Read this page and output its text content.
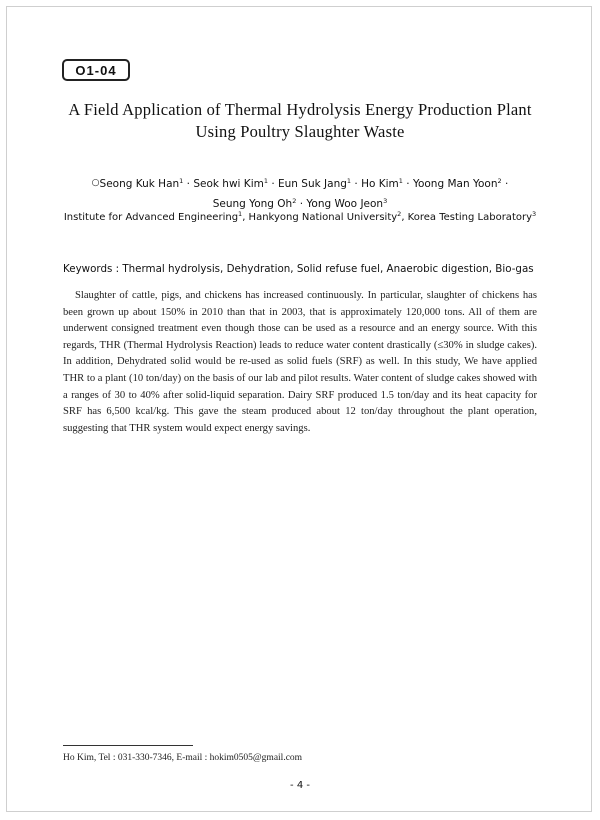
O1-04
A Field Application of Thermal Hydrolysis Energy Production Plant
Using Poultry Slaughter Waste
○Seong Kuk Han$^1$ · Seok hwi Kim$^1$ · Eun Suk Jang$^1$ · Ho Kim$^1$ · Yoong Man Yoon$^2$ ·
Seung Yong $Oh^2$ · Yong Woo Jeon$^3$
Institute for Advanced Engineering$^1$, Hankyong National University$^2$, Korea Testing Laboratory$^3$
Keywords : Thermal hydrolysis, Dehydration, Solid refuse fuel, Anaerobic digestion, Bio-gas
Slaughter of cattle, pigs, and chickens has increased continuously. In particular, slaughter of chickens has been grown up about 150% in 2010 than that in 2003, that is approximately 120,000 tons. All of them are underwent consigned treatment even though those can be used as a resource and an energy source. With this regards, THR (Thermal Hydrolysis Reaction) leads to reduce water content drastically (≤30% in sludge cakes). In addition, Dehydrated solid would be re-used as solid fuels (SRF) as well. In this study, We have applied THR to a plant (10 ton/day) on the basis of our lab and pilot results. Water content of sludge cakes showed with a ranges of 30 to 40% after solid-liquid separation. Dairy SRF produced 1.5 ton/day and its heat capacity for SRF has 6,500 kcal/kg. This gave the steam produced about 12 ton/day throughout the plant operation, suggesting that THR system would expect energy savings.
Ho Kim, Tel : 031-330-7346, E-mail : hokim0505@gmail.com
- 4 -
